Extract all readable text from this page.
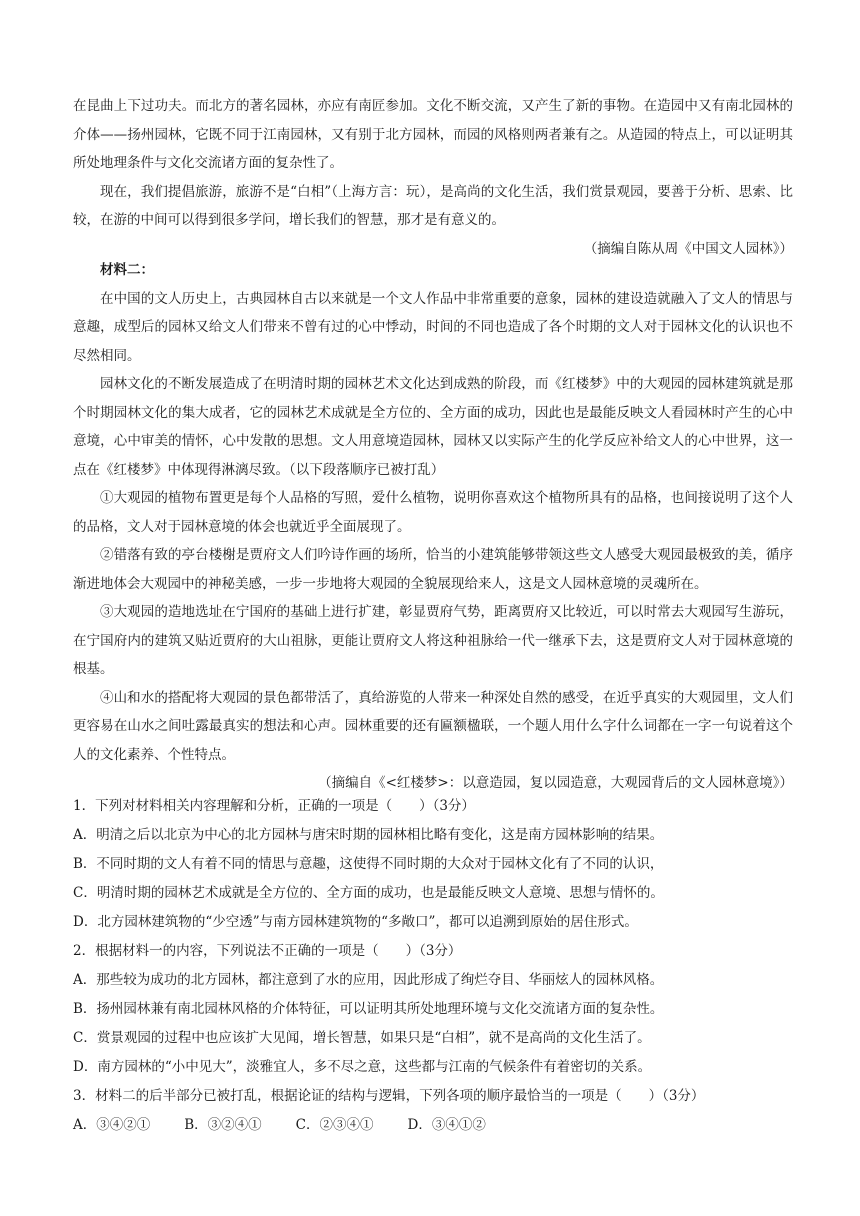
在昆曲上下过功夫。而北方的著名园林，亦应有南匠参加。文化不断交流，又产生了新的事物。在造园中又有南北园林的介体——扬州园林，它既不同于江南园林，又有别于北方园林，而园的风格则两者兼有之。从造园的特点上，可以证明其所处地理条件与文化交流诸方面的复杂性了。

现在，我们提倡旅游，旅游不是“白相”（上海方言：玩），是高尚的文化生活，我们赏景观园，要善于分析、思索、比较，在游的中间可以得到很多学问，增长我们的智慧，那才是有意义的。

（摘编自陈从周《中国文人园林》）

材料二：

在中国的文人历史上，古典园林自古以来就是一个文人作品中非常重要的意象，园林的建设造就融入了文人的情思与意趣，成型后的园林又给文人们带来不曾有过的心中悸动，时间的不同也造成了各个时期的文人对于园林文化的认识也不尽然相同。

园林文化的不断发展造成了在明清时期的园林艺术文化达到成熟的阶段，而《红楼梦》中的大观园的园林建筑就是那个时期园林文化的集大成者，它的园林艺术成就是全方位的、全方面的成功，因此也是最能反映文人看园林时产生的心中意境，心中审美的情怀，心中发散的思想。文人用意境造园林，园林又以实际产生的化学反应补给文人的心中世界，这一点在《红楼梦》中体现得淋漓尽致。（以下段落顺序已被打乱）

①大观园的植物布置更是每个人品格的写照，爱什么植物，说明你喜欢这个植物所具有的品格，也间接说明了这个人的品格，文人对于园林意境的体会也就近乎全面展现了。

②错落有致的亭台楼榭是贾府文人们吟诗作画的场所，恰当的小建筑能够带领这些文人感受大观园最极致的美，循序渐进地体会大观园中的神秘美感，一步一步地将大观园的全貌展现给来人，这是文人园林意境的灵魂所在。

③大观园的造地选址在宁国府的基础上进行扩建，彰显贾府气势，距离贾府又比较近，可以时常去大观园写生游玩，在宁国府内的建筑又贴近贾府的大山祖脉，更能让贾府文人将这种祖脉给一代一继承下去，这是贾府文人对于园林意境的根基。

④山和水的搭配将大观园的景色都带活了，真给游览的人带来一种深处自然的感受，在近乎真实的大观园里，文人们更容易在山水之间吐露最真实的想法和心声。园林重要的还有匾额楹联，一个题人用什么字什么词都在一字一句说着这个人的文化素养、个性特点。

（摘编自《<红楼梦>：以意造园，复以园造意，大观园背后的文人园林意境》）

1．下列对材料相关内容理解和分析，正确的一项是（　　）（3分）

A．明清之后以北京为中心的北方园林与唐宋时期的园林相比略有变化，这是南方园林影响的结果。

B．不同时期的文人有着不同的情思与意趣，这使得不同时期的大众对于园林文化有了不同的认识，

C．明清时期的园林艺术成就是全方位的、全方面的成功，也是最能反映文人意境、思想与情怀的。

D．北方园林建筑物的“少空透”与南方园林建筑物的“多敞口”，都可以追溯到原始的居住形式。

2．根据材料一的内容，下列说法不正确的一项是（　　）（3分）

A．那些较为成功的北方园林，都注意到了水的应用，因此形成了绚烂夺目、华丽炫人的园林风格。

B．扬州园林兼有南北园林风格的介体特征，可以证明其所处地理环境与文化交流诸方面的复杂性。

C．赏景观园的过程中也应该扩大见闻，增长智慧，如果只是“白相”，就不是高尚的文化生活了。

D．南方园林的“小中见大”，淡雅宜人，多不尽之意，这些都与江南的气候条件有着密切的关系。

3．材料二的后半部分已被打乱，根据论证的结构与逻辑，下列各项的顺序最恰当的一项是（　　）（3分）

A．③④②①	B．③②④①	C．②③④①	D．③④①②
